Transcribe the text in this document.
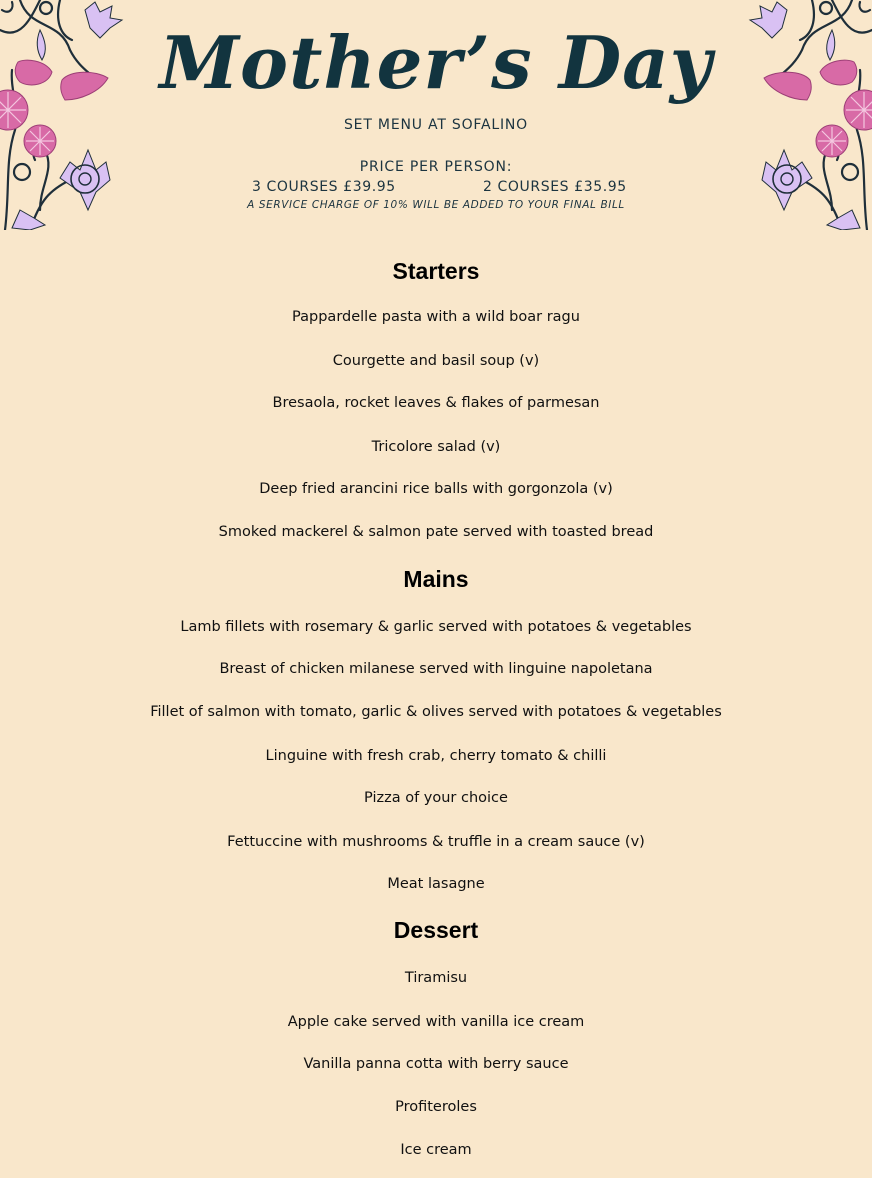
Mother’s Day
SET MENU AT SOFALINO
PRICE PER PERSON:
3 COURSES £39.95	2 COURSES £35.95
A SERVICE CHARGE OF 10% WILL BE ADDED TO YOUR FINAL BILL
Starters
Pappardelle pasta with a wild boar ragu
Courgette and basil soup (v)
Bresaola, rocket leaves & flakes of parmesan
Tricolore salad (v)
Deep fried arancini rice balls with gorgonzola (v)
Smoked mackerel & salmon pate served with toasted bread
Mains
Lamb fillets with rosemary & garlic served with potatoes & vegetables
Breast of chicken milanese served with linguine napoletana
Fillet of salmon with tomato, garlic & olives served with potatoes & vegetables
Linguine with fresh crab, cherry tomato & chilli
Pizza of your choice
Fettuccine with mushrooms & truffle in a cream sauce (v)
Meat lasagne
Dessert
Tiramisu
Apple cake served with vanilla ice cream
Vanilla panna cotta with berry sauce
Profiteroles
Ice cream
